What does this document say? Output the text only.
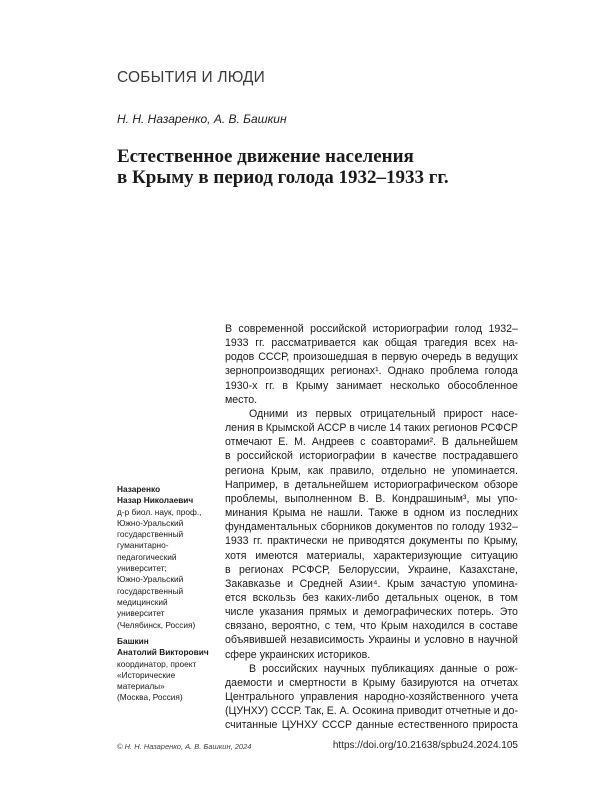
СОБЫТИЯ И ЛЮДИ
Н. Н. Назаренко, А. В. Башкин
Естественное движение населения
в Крыму в период голода 1932–1933 гг.
В современной российской историографии голод 1932–
1933 гг. рассматривается как общая трагедия всех на-
родов СССР, произошедшая в первую очередь в ведущих
зернопроизводящих регионах¹. Однако проблема голода
1930-х гг. в Крыму занимает несколько обособленное
место.
Одними из первых отрицательный прирост насе-
ления в Крымской АССР в числе 14 таких регионов РСФСР
отмечают Е. М. Андреев с соавторами². В дальнейшем
в российской историографии в качестве пострадавшего
региона Крым, как правило, отдельно не упоминается.
Например, в детальнейшем историографическом обзоре
проблемы, выполненном В. В. Кондрашиным³, мы упо-
минания Крыма не нашли. Также в одном из последних
фундаментальных сборников документов по голоду 1932–
1933 гг. практически не приводятся документы по Крыму,
хотя имеются материалы, характеризующие ситуацию
в регионах РСФСР, Белоруссии, Украине, Казахстане,
Закавказье и Средней Азии⁴. Крым зачастую упомина-
ется вскользь без каких-либо детальных оценок, в том
числе указания прямых и демографических потерь. Это
связано, вероятно, с тем, что Крым находился в составе
объявившей независимость Украины и условно в научной
сфере украинских историков.
В российских научных публикациях данные о рож-
даемости и смертности в Крыму базируются на отчетах
Центрального управления народно-хозяйственного учета
(ЦУНХУ) СССР. Так, Е. А. Осокина приводит отчетные и до-
считанные ЦУНХУ СССР данные естественного прироста
Назаренко
Назар Николаевич
д-р биол. наук, проф.,
Южно-Уральский
государственный
гуманитарно-
педагогический
университет;
Южно-Уральский
государственный
медицинский
университет
(Челябинск, Россия)
Башкин
Анатолий Викторович
координатор, проект
«Исторические
материалы»
(Москва, Россия)
© Н. Н. Назаренко, А. В. Башкин, 2024	https://doi.org/10.21638/spbu24.2024.105
